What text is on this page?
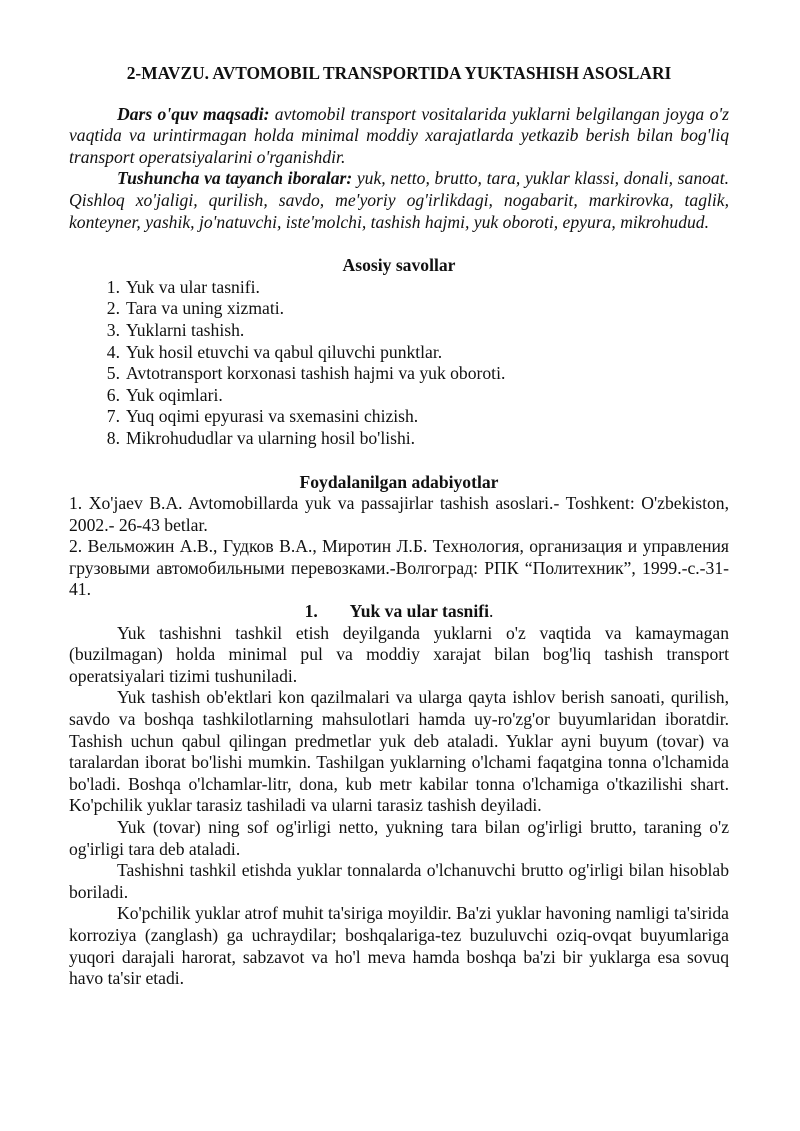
2-MAVZU. AVTOMOBIL TRANSPORTIDA YUKTASHISH ASOSLARI

Dars o'quv maqsadi: avtomobil transport vositalarida yuklarni belgilangan joyga o'z vaqtida va urintirmagan holda minimal moddiy xarajatlarda yetkazib berish bilan bog'liq transport operatsiyalarini o'rganishdir.

Tushuncha va tayanch iboralar: yuk, netto, brutto, tara, yuklar klassi, donali, sanoat. Qishloq xo'jaligi, qurilish, savdo, me'yoriy og'irlikdagi, nogabarit, markirovka, taglik, konteyner, yashik, jo'natuvchi, iste'molchi, tashish hajmi, yuk oboroti, epyura, mikrohudud.

Asosiy savollar

1. Yuk va ular tasnifi.
2. Tara va uning xizmati.
3. Yuklarni tashish.
4. Yuk hosil etuvchi va qabul qiluvchi punktlar.
5. Avtotransport korxonasi tashish hajmi va yuk oboroti.
6. Yuk oqimlari.
7. Yuq oqimi epyurasi va sxemasini chizish.
8. Mikrohududlar va ularning hosil bo'lishi.

Foydalanilgan adabiyotlar

1. Xo'jaev B.A. Avtomobillarda yuk va passajirlar tashish asoslari.- Toshkent: O'zbekiston, 2002.- 26-43 betlar.

2. Вельможин А.В., Гудков В.А., Миротин Л.Б. Технология, организация и управления грузовыми автомобильными перевозками.-Волгоград: РПК “Политехник”, 1999.-с.-31-41.

1. Yuk va ular tasnifi.

Yuk tashishni tashkil etish deyilganda yuklarni o'z vaqtida va kamaymagan (buzilmagan) holda minimal pul va moddiy xarajat bilan bog'liq tashish transport operatsiyalari tizimi tushuniladi.

Yuk tashish ob'ektlari kon qazilmalari va ularga qayta ishlov berish sanoati, qurilish, savdo va boshqa tashkilotlarning mahsulotlari hamda uy-ro'zg'or buyumlaridan iboratdir. Tashish uchun qabul qilingan predmetlar yuk deb ataladi. Yuklar ayni buyum (tovar) va taralardan iborat bo'lishi mumkin. Tashilgan yuklarning o'lchami faqatgina tonna o'lchamida bo'ladi. Boshqa o'lchamlar-litr, dona, kub metr kabilar tonna o'lchamiga o'tkazilishi shart. Ko'pchilik yuklar tarasiz tashiladi va ularni tarasiz tashish deyiladi.

Yuk (tovar) ning sof og'irligi netto, yukning tara bilan og'irligi brutto, taraning o'z og'irligi tara deb ataladi.

Tashishni tashkil etishda yuklar tonnalarda o'lchanuvchi brutto og'irligi bilan hisoblab boriladi.

Ko'pchilik yuklar atrof muhit ta'siriga moyildir. Ba'zi yuklar havoning namligi ta'sirida korroziya (zanglash) ga uchraydilar; boshqalariga-tez buzuluvchi oziq-ovqat buyumlariga yuqori darajali harorat, sabzavot va ho'l meva hamda boshqa ba'zi bir yuklarga esa sovuq havo ta'sir etadi.
